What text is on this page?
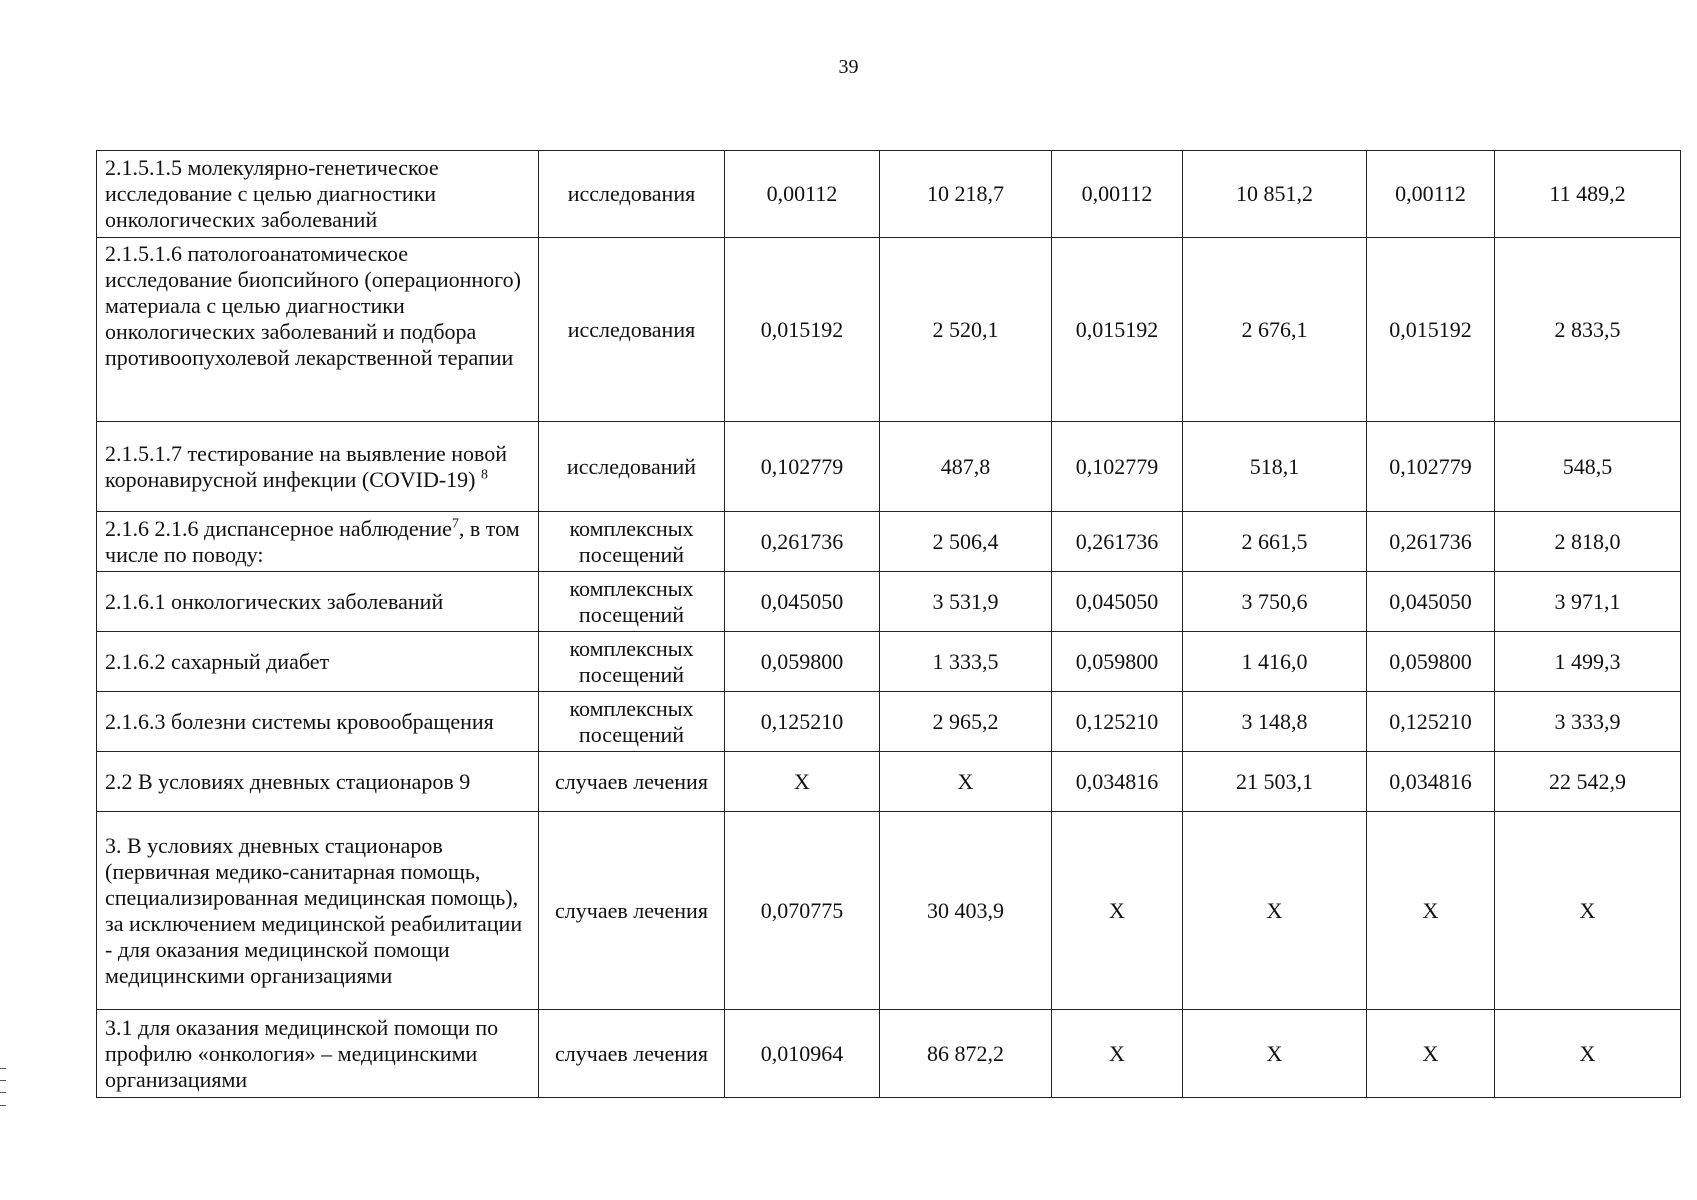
39
2.1.5.1.5 молекулярно-генетическое исследование с целью диагностики онкологических заболеваний	исследования	0,00112	10 218,7	0,00112	10 851,2	0,00112	11 489,2
2.1.5.1.6 патологоанатомическое исследование биопсийного (операционного) материала с целью диагностики онкологических заболеваний и подбора противоопухолевой лекарственной терапии	исследования	0,015192	2 520,1	0,015192	2 676,1	0,015192	2 833,5
2.1.5.1.7 тестирование на выявление новой коронавирусной инфекции (COVID-19) $^8$	исследований	0,102779	487,8	0,102779	518,1	0,102779	548,5
2.1.6 2.1.6 диспансерное наблюдение$^7$, в том числе по поводу:	комплексных посещений	0,261736	2 506,4	0,261736	2 661,5	0,261736	2 818,0
2.1.6.1 онкологических заболеваний	комплексных посещений	0,045050	3 531,9	0,045050	3 750,6	0,045050	3 971,1
2.1.6.2 сахарный диабет	комплексных посещений	0,059800	1 333,5	0,059800	1 416,0	0,059800	1 499,3
2.1.6.3 болезни системы кровообращения	комплексных посещений	0,125210	2 965,2	0,125210	3 148,8	0,125210	3 333,9
2.2 В условиях дневных стационаров 9	случаев лечения	X	X	0,034816	21 503,1	0,034816	22 542,9
3. В условиях дневных стационаров (первичная медико-санитарная помощь, специализированная медицинская помощь), за исключением медицинской реабилитации - для оказания медицинской помощи медицинскими организациями	случаев лечения	0,070775	30 403,9	X	X	X	X
3.1 для оказания медицинской помощи по профилю «онкология» – медицинскими организациями	случаев лечения	0,010964	86 872,2	X	X	X	X
